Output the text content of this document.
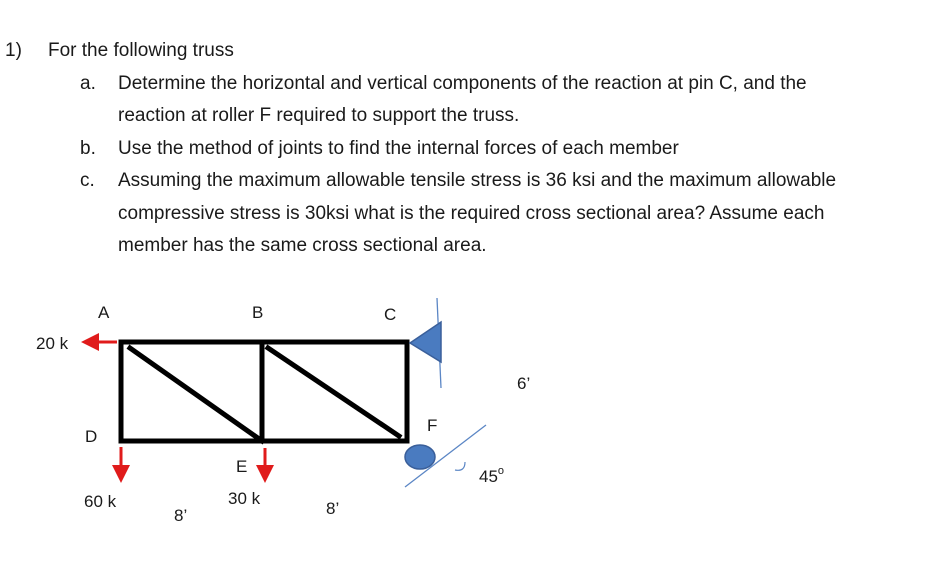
1) For the following truss
a. Determine the horizontal and vertical components of the reaction at pin C, and the
reaction at roller F required to support the truss.
b. Use the method of joints to find the internal forces of each member
c. Assuming the maximum allowable tensile stress is 36 ksi and the maximum allowable
compressive stress is 30ksi what is the required cross sectional area? Assume each
member has the same cross sectional area.
A	B	C
D
E
F
20 k
60 k	30 k
8’	8’
6’
45$^o$
